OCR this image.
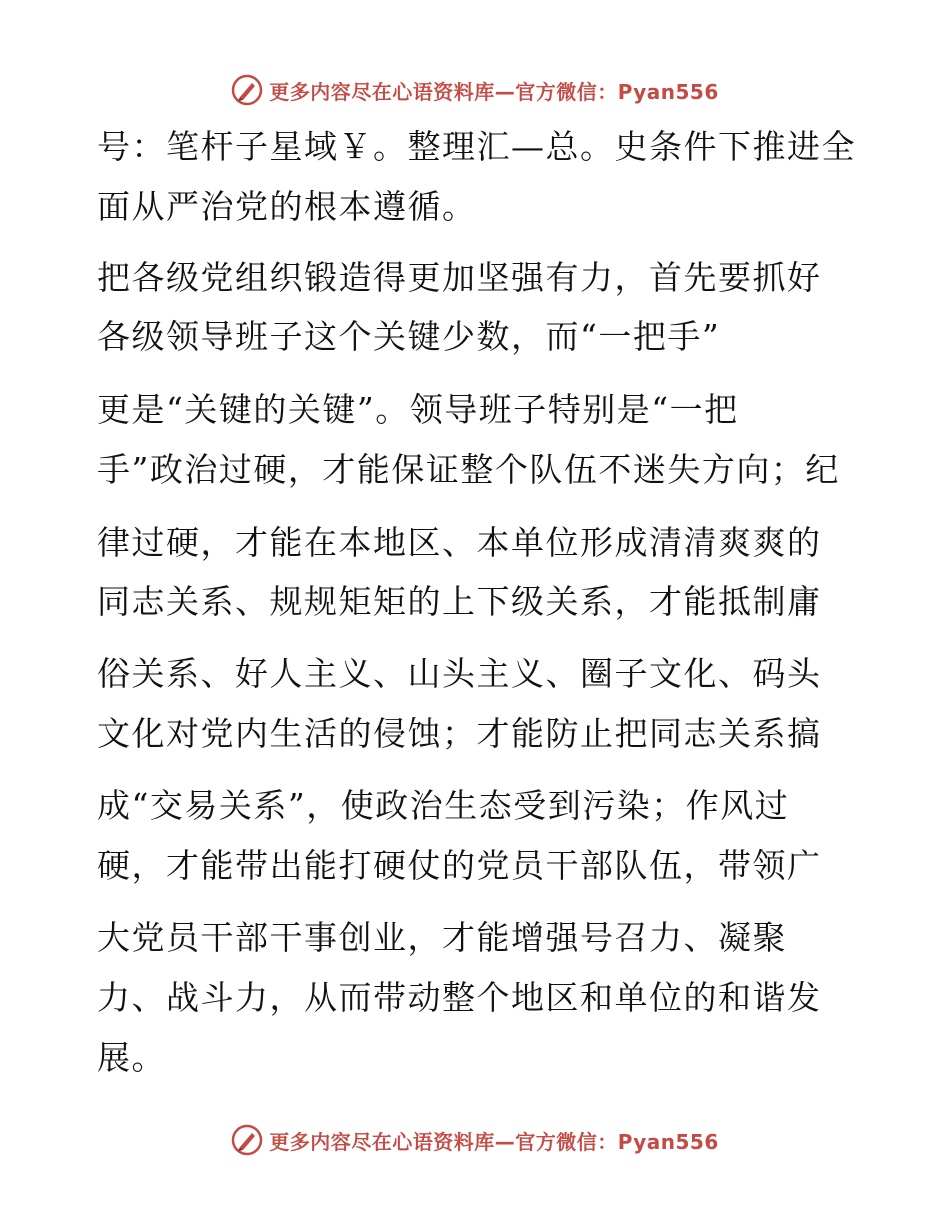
更多内容尽在心语资料库—官方微信：Pyan556
号：笔杆子星域￥。整理汇—总。史条件下推进全
面从严治党的根本遵循。
把各级党组织锻造得更加坚强有力，首先要抓好
各级领导班子这个关键少数，而“一把手”
更是“关键的关键”。领导班子特别是“一把
手”政治过硬，才能保证整个队伍不迷失方向；纪
律过硬，才能在本地区、本单位形成清清爽爽的
同志关系、规规矩矩的上下级关系，才能抵制庸
俗关系、好人主义、山头主义、圈子文化、码头
文化对党内生活的侵蚀；才能防止把同志关系搞
成“交易关系”，使政治生态受到污染；作风过
硬，才能带出能打硬仗的党员干部队伍，带领广
大党员干部干事创业，才能增强号召力、凝聚
力、战斗力，从而带动整个地区和单位的和谐发
展。
更多内容尽在心语资料库—官方微信：Pyan556
